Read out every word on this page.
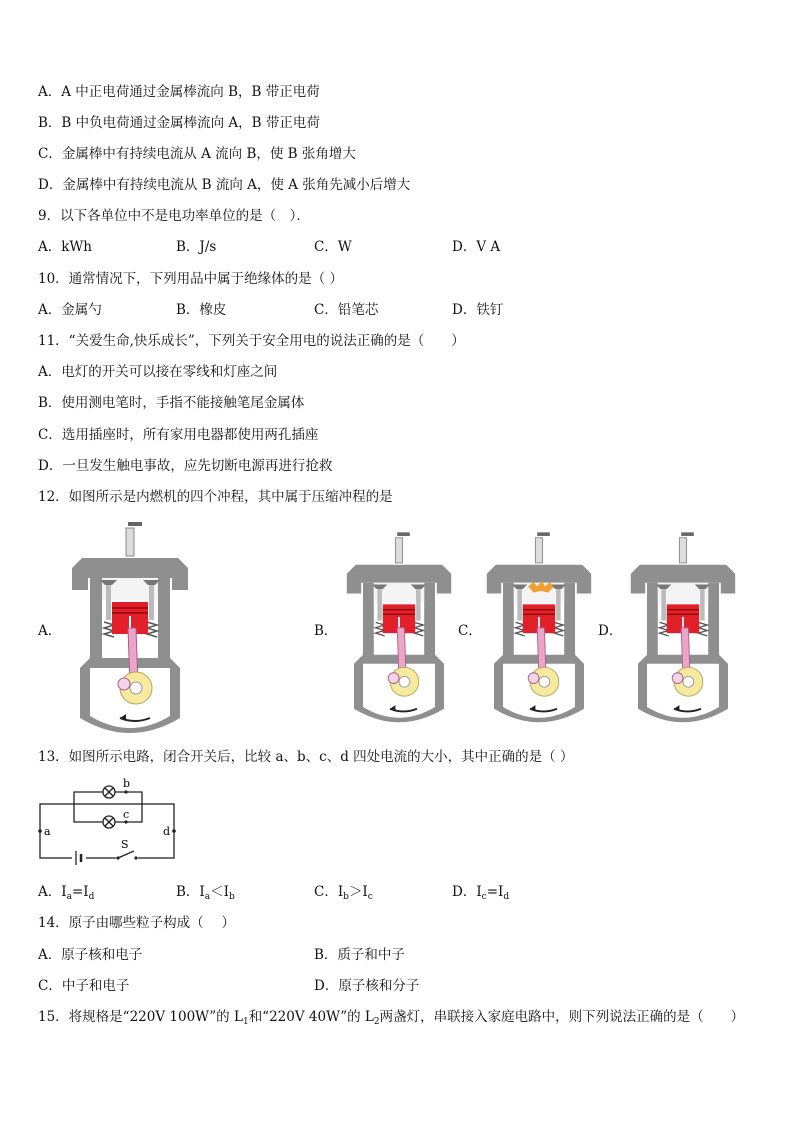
A．A 中正电荷通过金属棒流向 B，B 带正电荷
B．B 中负电荷通过金属棒流向 A，B 带正电荷
C．金属棒中有持续电流从 A 流向 B，使 B 张角增大
D．金属棒中有持续电流从 B 流向 A，使 A 张角先减小后增大
9．以下各单位中不是电功率单位的是（　）．
A．kWh	B．J/s	C．W	D．V A
10．通常情况下，下列用品中属于绝缘体的是（ ）
A．金属勺	B．橡皮	C．铅笔芯	D．铁钉
11．“关爱生命,快乐成长”，下列关于安全用电的说法正确的是（　　）
A．电灯的开关可以接在零线和灯座之间
B．使用测电笔时，手指不能接触笔尾金属体
C．选用插座时，所有家用电器都使用两孔插座
D．一旦发生触电事故，应先切断电源再进行抢救
12．如图所示是内燃机的四个冲程，其中属于压缩冲程的是
A．	B．	C．	D．
13．如图所示电路，闭合开关后，比较 a、b、c、d 四处电流的大小，其中正确的是（ ）
a
b
c
d
S
A．$I_a=I_d$	B．$I_a<I_b$	C．$I_b>I_c$	D．$I_c=I_d$
14．原子由哪些粒子构成（　 ）
A．原子核和电子	B．质子和中子
C．中子和电子	D．原子核和分子
15．将规格是“220V 100W”的 $L_1$和“220V 40W”的 $L_2$两盏灯，串联接入家庭电路中，则下列说法正确的是（　　）
